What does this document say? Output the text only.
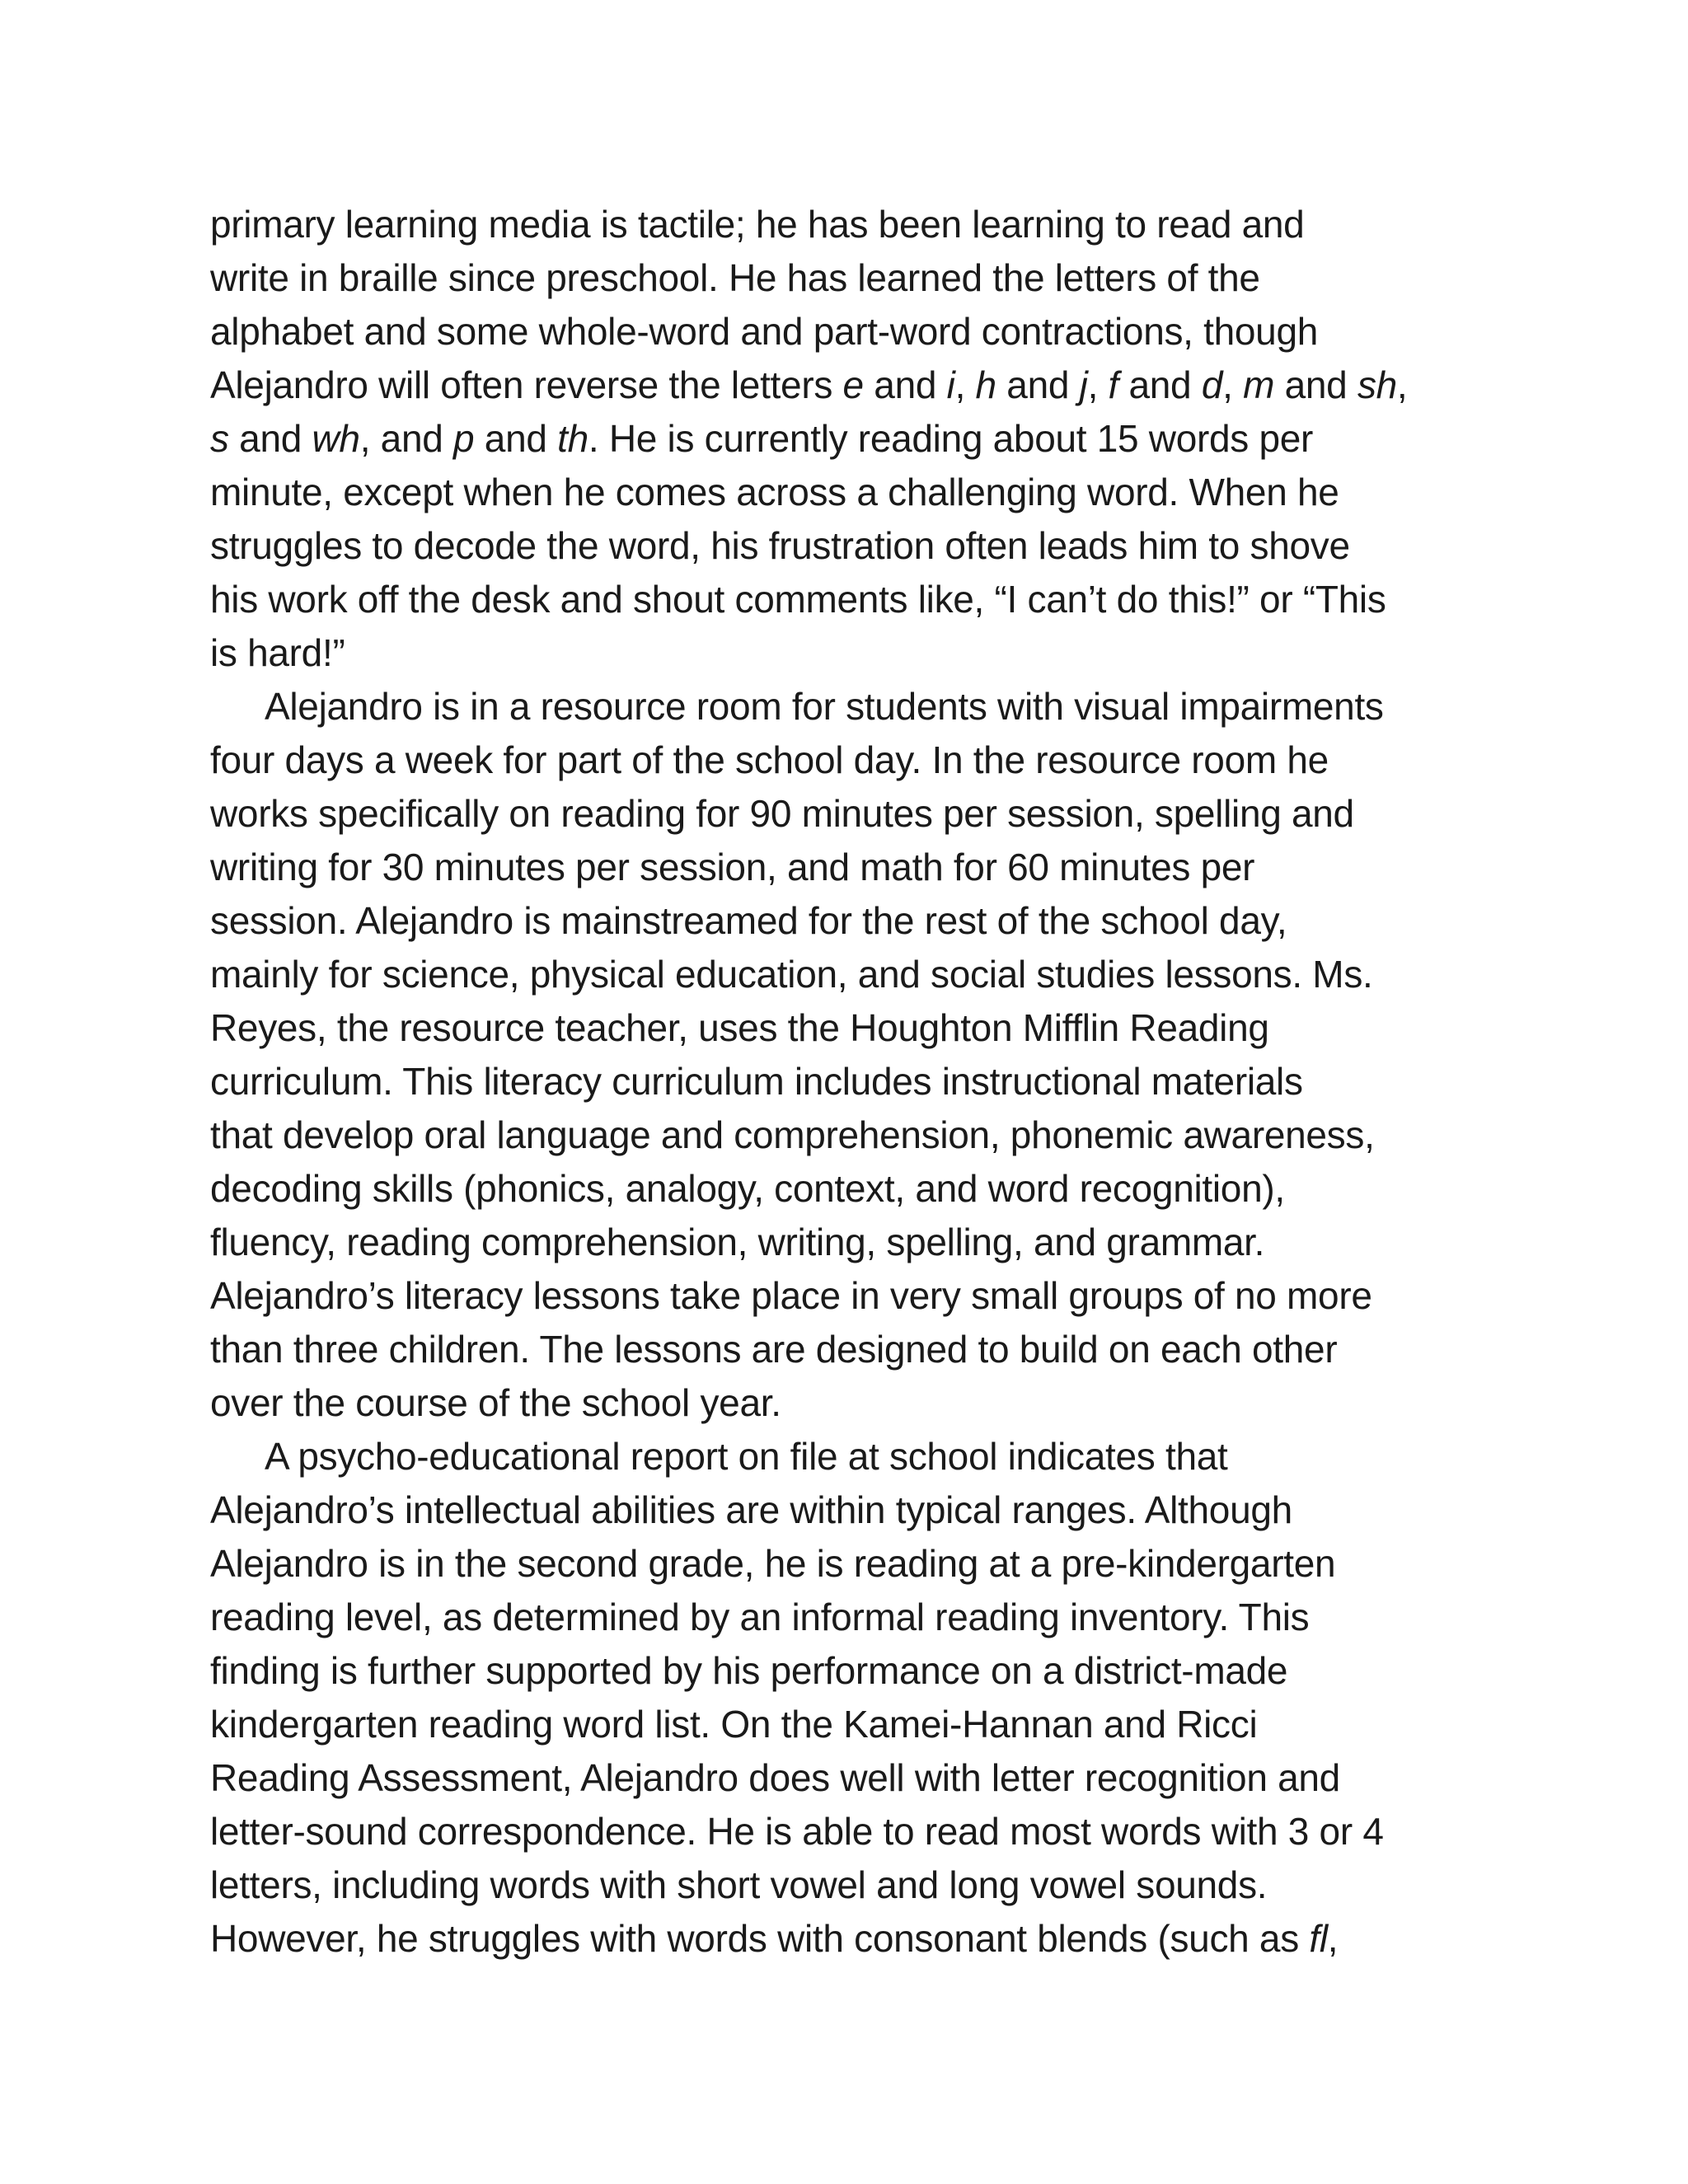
primary learning media is tactile; he has been learning to read and
write in braille since preschool. He has learned the letters of the
alphabet and some whole-word and part-word contractions, though
Alejandro will often reverse the letters e and i, h and j, f and d, m and sh,
s and wh, and p and th. He is currently reading about 15 words per
minute, except when he comes across a challenging word. When he
struggles to decode the word, his frustration often leads him to shove
his work off the desk and shout comments like, “I can’t do this!” or “This
is hard!”
Alejandro is in a resource room for students with visual impairments
four days a week for part of the school day. In the resource room he
works specifically on reading for 90 minutes per session, spelling and
writing for 30 minutes per session, and math for 60 minutes per
session. Alejandro is mainstreamed for the rest of the school day,
mainly for science, physical education, and social studies lessons. Ms.
Reyes, the resource teacher, uses the Houghton Mifflin Reading
curriculum. This literacy curriculum includes instructional materials
that develop oral language and comprehension, phonemic awareness,
decoding skills (phonics, analogy, context, and word recognition),
fluency, reading comprehension, writing, spelling, and grammar.
Alejandro’s literacy lessons take place in very small groups of no more
than three children. The lessons are designed to build on each other
over the course of the school year.
A psycho-educational report on file at school indicates that
Alejandro’s intellectual abilities are within typical ranges. Although
Alejandro is in the second grade, he is reading at a pre-kindergarten
reading level, as determined by an informal reading inventory. This
finding is further supported by his performance on a district-made
kindergarten reading word list. On the Kamei-Hannan and Ricci
Reading Assessment, Alejandro does well with letter recognition and
letter-sound correspondence. He is able to read most words with 3 or 4
letters, including words with short vowel and long vowel sounds.
However, he struggles with words with consonant blends (such as fl,
